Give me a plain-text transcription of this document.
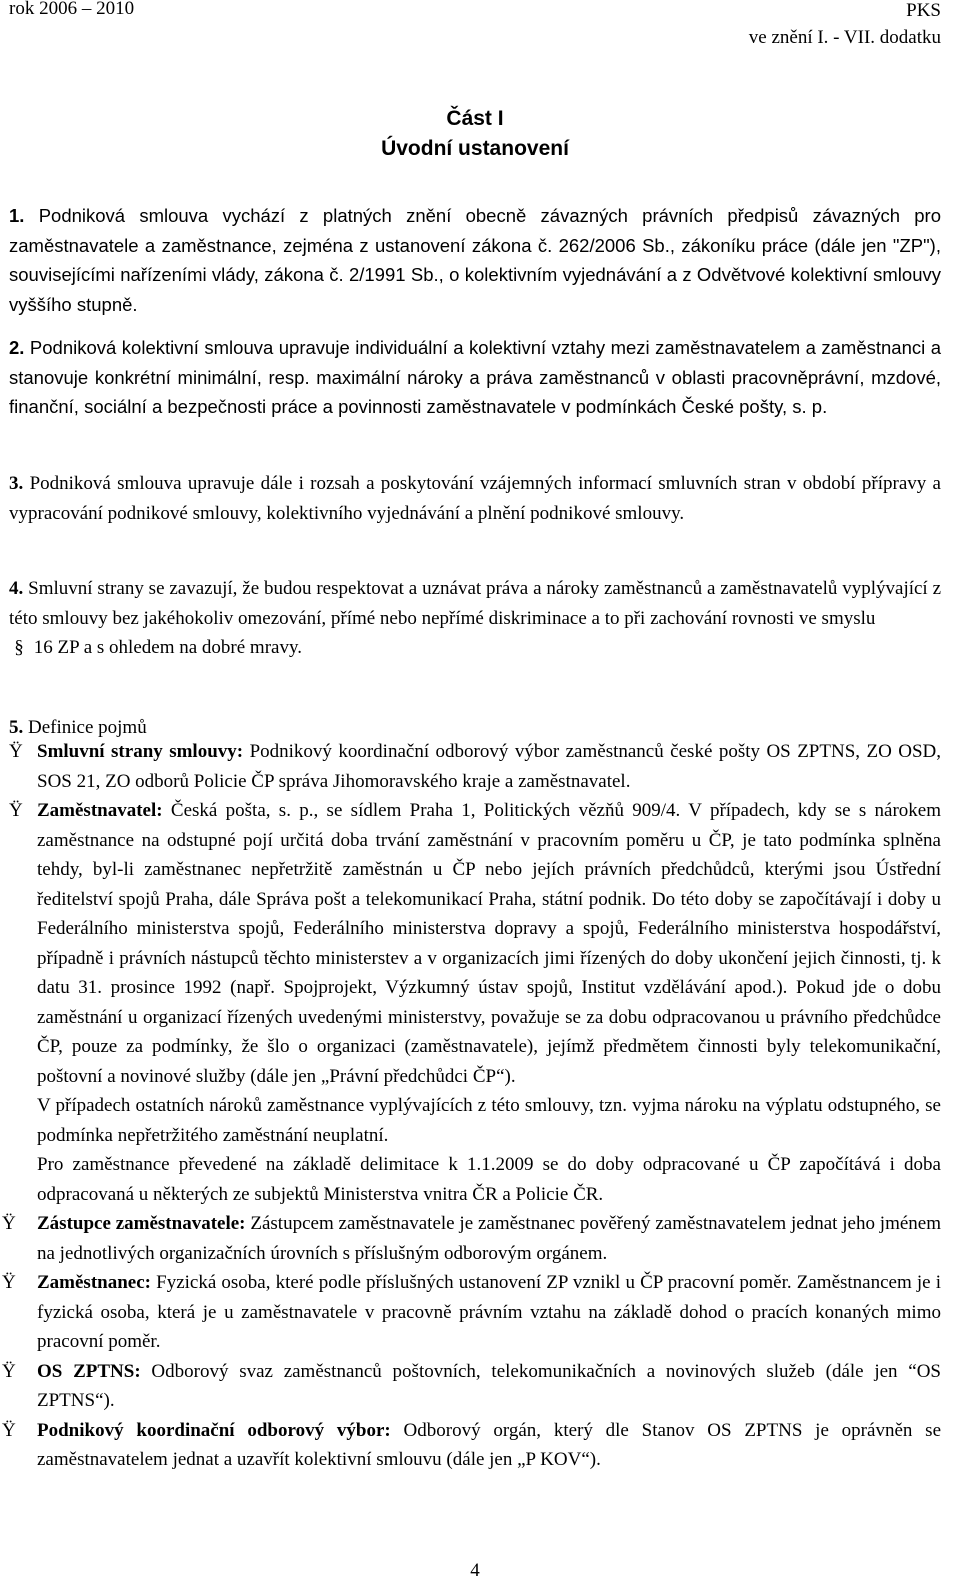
rok 2006 – 2010	PKS
ve znění I. - VII. dodatku
Část I
Úvodní ustanovení

1. Podniková smlouva vychází z platných znění obecně závazných právních předpisů závazných pro zaměstnavatele a zaměstnance, zejména z ustanovení zákona č. 262/2006 Sb., zákoníku práce (dále jen "ZP"), souvisejícími nařízeními vlády, zákona č. 2/1991 Sb., o kolektivním vyjednávání a z Odvětvové kolektivní smlouvy vyššího stupně.

2. Podniková kolektivní smlouva upravuje individuální a kolektivní vztahy mezi zaměstnavatelem a zaměstnanci a stanovuje konkrétní minimální, resp. maximální nároky a práva zaměstnanců v oblasti pracovněprávní, mzdové, finanční, sociální a bezpečnosti práce a povinnosti zaměstnavatele v podmínkách České pošty, s. p.

3. Podniková smlouva upravuje dále i rozsah a poskytování vzájemných informací smluvních stran v období přípravy a vypracování podnikové smlouvy, kolektivního vyjednávání a plnění podnikové smlouvy.

4. Smluvní strany se zavazují, že budou respektovat a uznávat práva a nároky zaměstnanců a zaměstnavatelů vyplývající z této smlouvy bez jakéhokoliv omezování, přímé nebo nepřímé diskriminace a to při zachování rovnosti ve smyslu

§ 16 ZP a s ohledem na dobré mravy.

5. Definice pojmů

Ÿ Smluvní strany smlouvy: Podnikový koordinační odborový výbor zaměstnanců české pošty OS ZPTNS, ZO OSD, SOS 21, ZO odborů Policie ČP správa Jihomoravského kraje a zaměstnavatel.

Ÿ Zaměstnavatel: Česká pošta, s. p., se sídlem Praha 1, Politických vězňů 909/4. V případech, kdy se s nárokem zaměstnance na odstupné pojí určitá doba trvání zaměstnání v pracovním poměru u ČP, je tato podmínka splněna tehdy, byl-li zaměstnanec nepřetržitě zaměstnán u ČP nebo jejích právních předchůdců, kterými jsou Ústřední ředitelství spojů Praha, dále Správa pošt a telekomunikací Praha, státní podnik. Do této doby se započítávají i doby u Federálního ministerstva spojů, Federálního ministerstva dopravy a spojů, Federálního ministerstva hospodářství, případně i právních nástupců těchto ministerstev a v organizacích jimi řízených do doby ukončení jejich činnosti, tj. k datu 31. prosince 1992 (např. Spojprojekt, Výzkumný ústav spojů, Institut vzdělávání apod.). Pokud jde o dobu zaměstnání u organizací řízených uvedenými ministerstvy, považuje se za dobu odpracovanou u právního předchůdce ČP, pouze za podmínky, že šlo o organizaci (zaměstnavatele), jejímž předmětem činnosti byly telekomunikační, poštovní a novinové služby (dále jen „Právní předchůdci ČP“).

V případech ostatních nároků zaměstnance vyplývajících z této smlouvy, tzn. vyjma nároku na výplatu odstupného, se podmínka nepřetržitého zaměstnání neuplatní.

Pro zaměstnance převedené na základě delimitace k 1.1.2009 se do doby odpracované u ČP započítává i doba odpracovaná u některých ze subjektů Ministerstva vnitra ČR a Policie ČR.

Ÿ Zástupce zaměstnavatele: Zástupcem zaměstnavatele je zaměstnanec pověřený zaměstnavatelem jednat jeho jménem na jednotlivých organizačních úrovních s příslušným odborovým orgánem.

Ÿ Zaměstnanec: Fyzická osoba, které podle příslušných ustanovení ZP vznikl u ČP pracovní poměr. Zaměstnancem je i fyzická osoba, která je u zaměstnavatele v pracovně právním vztahu na základě dohod o pracích konaných mimo pracovní poměr.

Ÿ OS ZPTNS: Odborový svaz zaměstnanců poštovních, telekomunikačních a novinových služeb (dále jen “OS ZPTNS“).

Ÿ Podnikový koordinační odborový výbor: Odborový orgán, který dle Stanov OS ZPTNS je oprávněn se zaměstnavatelem jednat a uzavřít kolektivní smlouvu (dále jen „P KOV“).

4
